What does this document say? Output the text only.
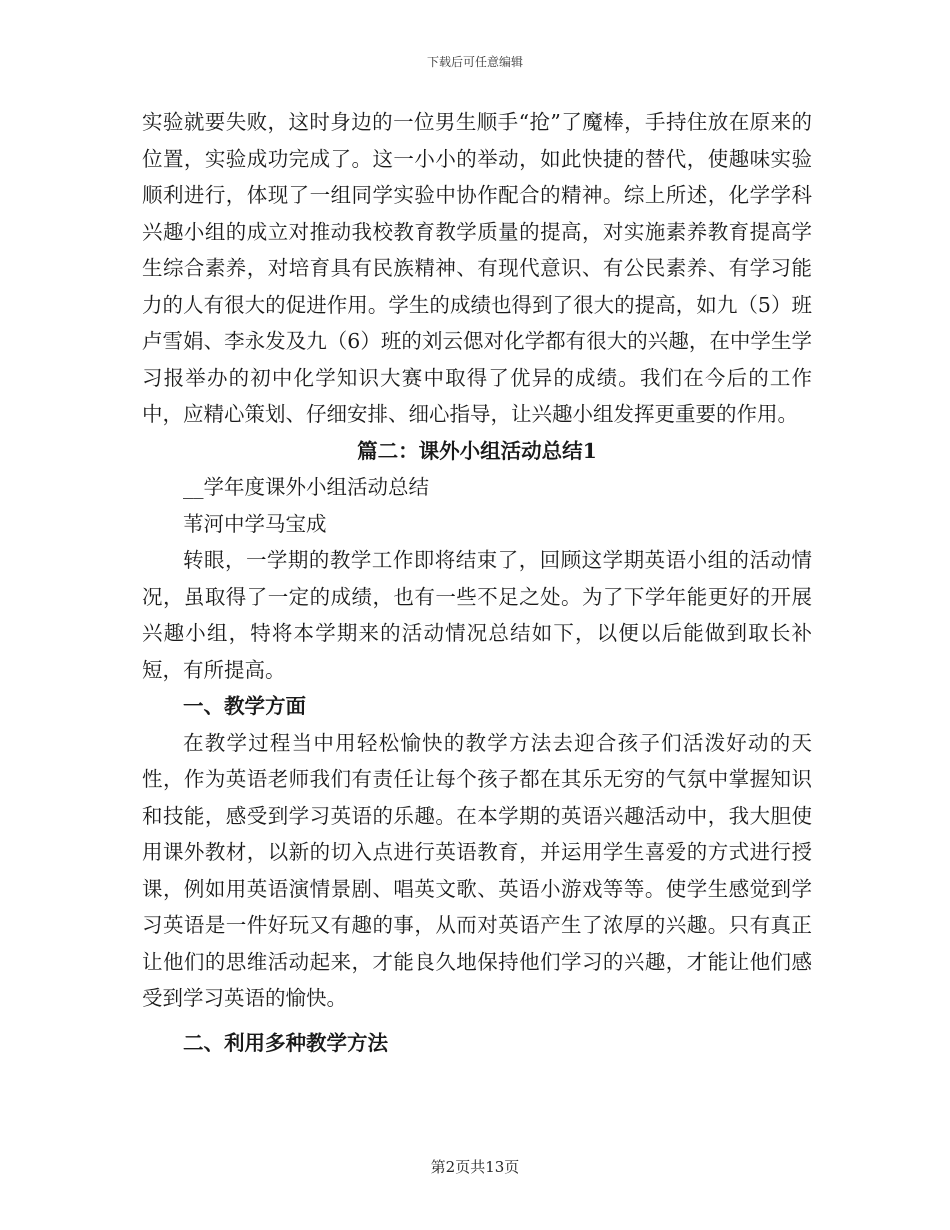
下载后可任意编辑

实验就要失败，这时身边的一位男生顺手“抢”了魔棒，手持住放在原来的位置，实验成功完成了。这一小小的举动，如此快捷的替代，使趣味实验顺利进行，体现了一组同学实验中协作配合的精神。综上所述，化学学科兴趣小组的成立对推动我校教育教学质量的提高，对实施素养教育提高学生综合素养，对培育具有民族精神、有现代意识、有公民素养、有学习能力的人有很大的促进作用。学生的成绩也得到了很大的提高，如九（5）班卢雪娟、李永发及九（6）班的刘云偲对化学都有很大的兴趣，在中学生学习报举办的初中化学知识大赛中取得了优异的成绩。我们在今后的工作中，应精心策划、仔细安排、细心指导，让兴趣小组发挥更重要的作用。

篇二：课外小组活动总结1

__学年度课外小组活动总结

苇河中学马宝成

转眼，一学期的教学工作即将结束了，回顾这学期英语小组的活动情况，虽取得了一定的成绩，也有一些不足之处。为了下学年能更好的开展兴趣小组，特将本学期来的活动情况总结如下，以便以后能做到取长补短，有所提高。

一、教学方面

在教学过程当中用轻松愉快的教学方法去迎合孩子们活泼好动的天性，作为英语老师我们有责任让每个孩子都在其乐无穷的气氛中掌握知识和技能，感受到学习英语的乐趣。在本学期的英语兴趣活动中，我大胆使用课外教材，以新的切入点进行英语教育，并运用学生喜爱的方式进行授课，例如用英语演情景剧、唱英文歌、英语小游戏等等。使学生感觉到学习英语是一件好玩又有趣的事，从而对英语产生了浓厚的兴趣。只有真正让他们的思维活动起来，才能良久地保持他们学习的兴趣，才能让他们感受到学习英语的愉快。

二、利用多种教学方法

第2页共13页
